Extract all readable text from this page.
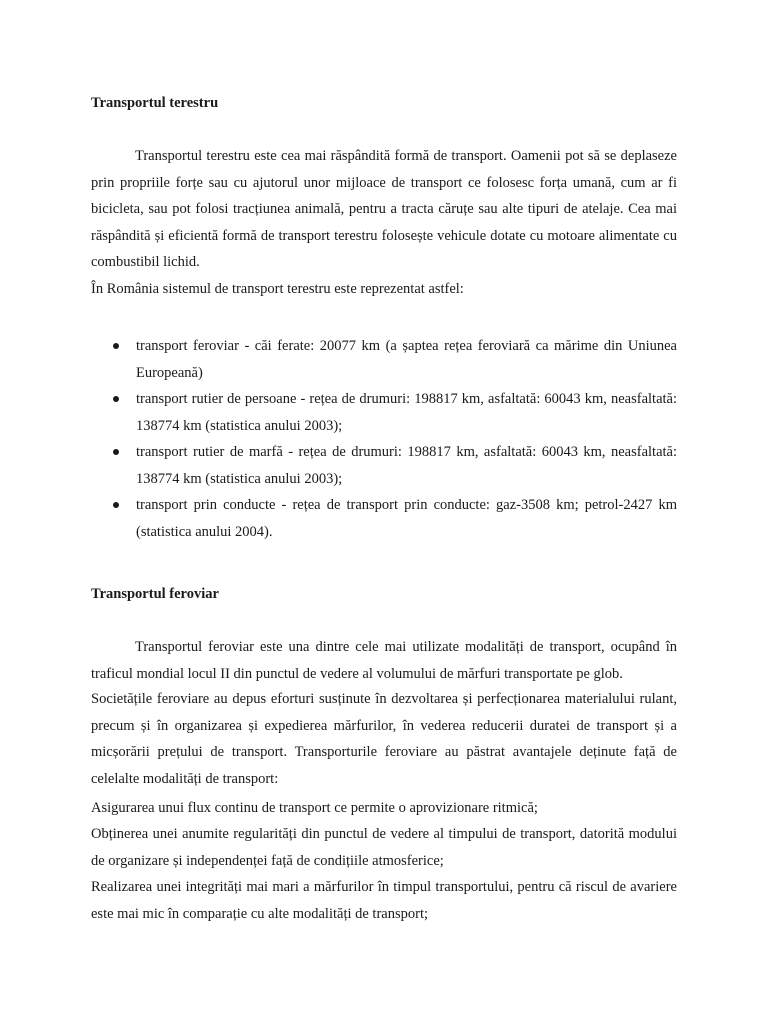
Transportul terestru
Transportul terestru este cea mai răspândită formă de transport. Oamenii pot să se deplaseze prin propriile forțe sau cu ajutorul unor mijloace de transport ce folosesc forța umană, cum ar fi bicicleta, sau pot folosi tracțiunea animală, pentru a tracta căruțe sau alte tipuri de atelaje. Cea mai răspândită și eficientă formă de transport terestru folosește vehicule dotate cu motoare alimentate cu combustibil lichid.
În România sistemul de transport terestru este reprezentat astfel:
transport feroviar - căi ferate: 20077 km (a șaptea rețea feroviară ca mărime din Uniunea Europeană)
transport rutier de persoane - rețea de drumuri: 198817 km, asfaltată: 60043 km, neasfaltată: 138774 km (statistica anului 2003);
transport rutier de marfă - rețea de drumuri: 198817 km, asfaltată: 60043 km, neasfaltată: 138774 km (statistica anului 2003);
transport prin conducte - rețea de transport prin conducte: gaz-3508 km; petrol-2427 km (statistica anului 2004).
Transportul feroviar
Transportul feroviar este una dintre cele mai utilizate modalități de transport, ocupând în traficul mondial locul II din punctul de vedere al volumului de mărfuri transportate pe glob.
Societățile feroviare au depus eforturi susținute în dezvoltarea și perfecționarea materialului rulant, precum și în organizarea și expedierea mărfurilor, în vederea reducerii duratei de transport și a micșorării prețului de transport. Transporturile feroviare au păstrat avantajele deținute față de celelalte modalități de transport:
Asigurarea unui flux continu de transport ce permite o aprovizionare ritmică;
Obținerea unei anumite regularități din punctul de vedere al timpului de transport, datorită modului de organizare și independenței față de condițiile atmosferice;
Realizarea unei integrități mai mari a mărfurilor în timpul transportului, pentru că riscul de avariere este mai mic în comparație cu alte modalități de transport;
